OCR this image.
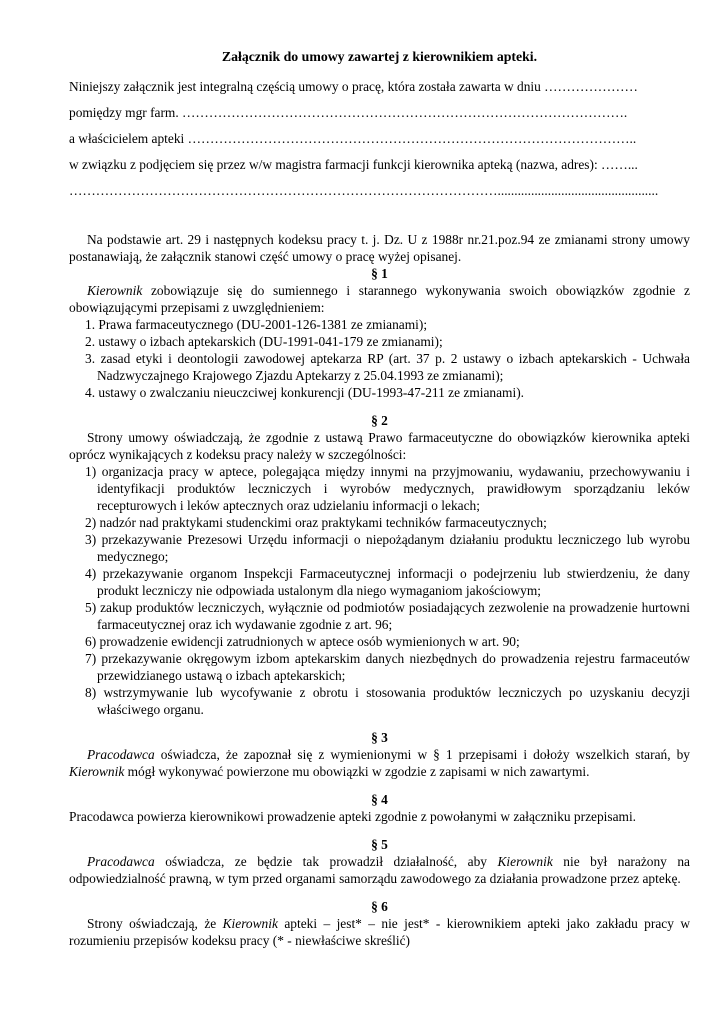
Załącznik do umowy zawartej z kierownikiem apteki.

Niniejszy załącznik jest integralną częścią umowy o pracę, która została zawarta w dniu …………………

pomiędzy mgr farm. ……………………………………………………………………………………….

a właścicielem apteki ………………………………………………………………………………………..

w związku z podjęciem się przez w/w magistra farmacji funkcji kierownika apteką (nazwa, adres): ……...

……………………………………………………………………………………................................................

Na podstawie art. 29 i następnych kodeksu pracy t. j. Dz. U z 1988r nr.21.poz.94 ze zmianami strony umowy postanawiają, że załącznik stanowi część umowy o pracę wyżej opisanej.

§ 1

Kierownik zobowiązuje się do sumiennego i starannego wykonywania swoich obowiązków zgodnie z obowiązującymi przepisami z uwzględnieniem:

1. Prawa farmaceutycznego (DU-2001-126-1381 ze zmianami);
2. ustawy o izbach aptekarskich (DU-1991-041-179 ze zmianami);
3. zasad etyki i deontologii zawodowej aptekarza RP (art. 37 p. 2 ustawy o izbach aptekarskich - Uchwała Nadzwyczajnego Krajowego Zjazdu Aptekarzy z 25.04.1993 ze zmianami);
4. ustawy o zwalczaniu nieuczciwej konkurencji (DU-1993-47-211 ze zmianami).

§ 2

Strony umowy oświadczają, że zgodnie z ustawą Prawo farmaceutyczne do obowiązków kierownika apteki oprócz wynikających z kodeksu pracy należy w szczególności:

1) organizacja pracy w aptece, polegająca między innymi na przyjmowaniu, wydawaniu, przechowywaniu i identyfikacji produktów leczniczych i wyrobów medycznych, prawidłowym sporządzaniu leków recepturowych i leków aptecznych oraz udzielaniu informacji o lekach;
2) nadzór nad praktykami studenckimi oraz praktykami techników farmaceutycznych;
3) przekazywanie Prezesowi Urzędu informacji o niepożądanym działaniu produktu leczniczego lub wyrobu medycznego;
4) przekazywanie organom Inspekcji Farmaceutycznej informacji o podejrzeniu lub stwierdzeniu, że dany produkt leczniczy nie odpowiada ustalonym dla niego wymaganiom jakościowym;
5) zakup produktów leczniczych, wyłącznie od podmiotów posiadających zezwolenie na prowadzenie hurtowni farmaceutycznej oraz ich wydawanie zgodnie z art. 96;
6) prowadzenie ewidencji zatrudnionych w aptece osób wymienionych w art. 90;
7) przekazywanie okręgowym izbom aptekarskim danych niezbędnych do prowadzenia rejestru farmaceutów przewidzianego ustawą o izbach aptekarskich;
8) wstrzymywanie lub wycofywanie z obrotu i stosowania produktów leczniczych po uzyskaniu decyzji właściwego organu.

§ 3

Pracodawca oświadcza, że zapoznał się z wymienionymi w § 1 przepisami i dołoży wszelkich starań, by Kierownik mógł wykonywać powierzone mu obowiązki w zgodzie z zapisami w nich zawartymi.

§ 4

Pracodawca powierza kierownikowi prowadzenie apteki zgodnie z powołanymi w załączniku przepisami.

§ 5

Pracodawca oświadcza, ze będzie tak prowadził działalność, aby Kierownik nie był narażony na odpowiedzialność prawną, w tym przed organami samorządu zawodowego za działania prowadzone przez aptekę.

§ 6

Strony oświadczają, że Kierownik apteki – jest* – nie jest* - kierownikiem apteki jako zakładu pracy w rozumieniu przepisów kodeksu pracy (* - niewłaściwe skreślić)
